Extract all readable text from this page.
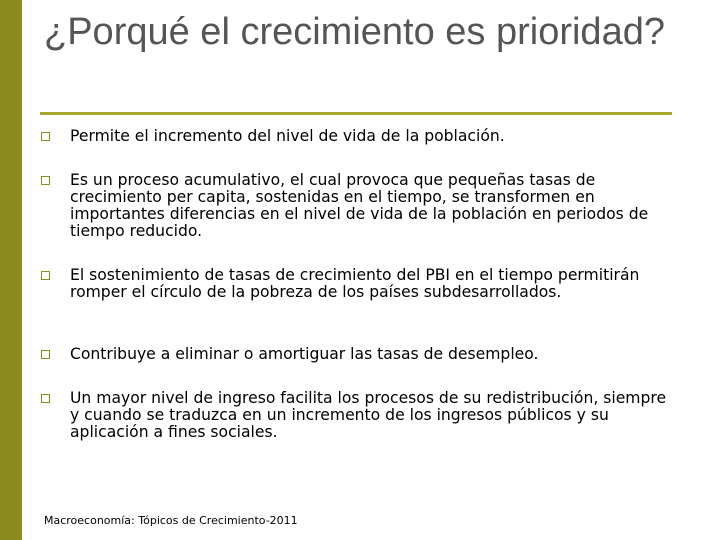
¿Porqué el crecimiento es prioridad?
Permite el incremento del nivel de vida de la población.
Es un proceso acumulativo, el cual provoca que pequeñas tasas de crecimiento per capita, sostenidas en el tiempo, se transformen en importantes diferencias en el nivel de vida de la población en periodos de tiempo reducido.
El sostenimiento de tasas de crecimiento del PBI en el tiempo permitirán romper el círculo de la pobreza de los países subdesarrollados.
Contribuye a eliminar o amortiguar las tasas de desempleo.
Un mayor nivel de ingreso facilita los procesos de su redistribución, siempre y cuando se traduzca en un incremento de los ingresos públicos y su aplicación a fines sociales.
Macroeconomía: Tópicos de Crecimiento-2011
